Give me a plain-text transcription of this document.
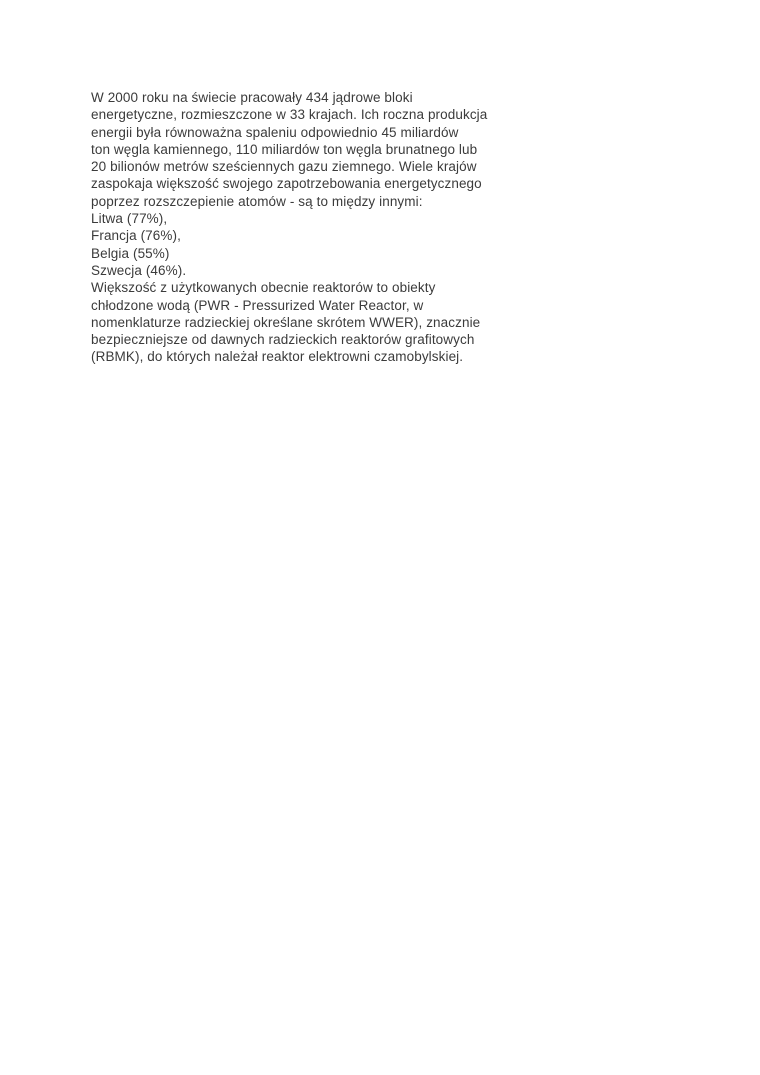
W 2000 roku na świecie pracowały 434 jądrowe bloki
energetyczne, rozmieszczone w 33 krajach. Ich roczna produkcja
energii była równoważna spaleniu odpowiednio 45 miliardów
ton węgla kamiennego, 110 miliardów ton węgla brunatnego lub
20 bilionów metrów sześciennych gazu ziemnego. Wiele krajów
zaspokaja większość swojego zapotrzebowania energetycznego
poprzez rozszczepienie atomów - są to między innymi:
Litwa (77%),
Francja (76%),
Belgia (55%)
Szwecja (46%).
Większość z użytkowanych obecnie reaktorów to obiekty
chłodzone wodą (PWR - Pressurized Water Reactor, w
nomenklaturze radzieckiej określane skrótem WWER), znacznie
bezpieczniejsze od dawnych radzieckich reaktorów grafitowych
(RBMK), do których należał reaktor elektrowni czamobylskiej.
